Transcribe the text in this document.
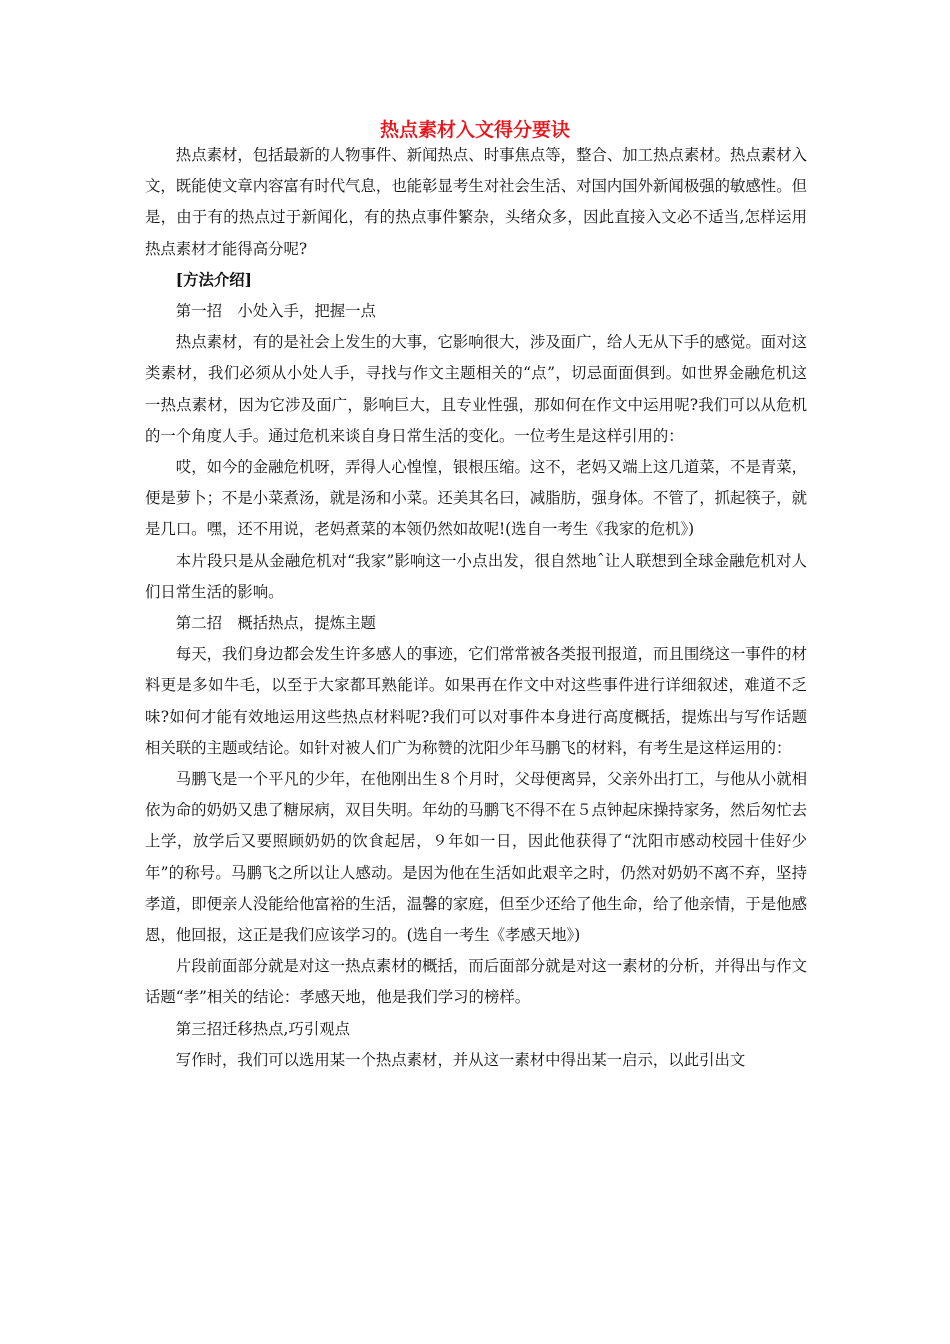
热点素材入文得分要诀

热点素材，包括最新的人物事件、新闻热点、时事焦点等，整合、加工热点素材。热点素材入文，既能使文章内容富有时代气息，也能彰显考生对社会生活、对国内国外新闻极强的敏感性。但是，由于有的热点过于新闻化，有的热点事件繁杂，头绪众多，因此直接入文必不适当,怎样运用热点素材才能得高分呢?

[方法介绍]

第一招　小处入手，把握一点

热点素材，有的是社会上发生的大事，它影响很大，涉及面广，给人无从下手的感觉。面对这类素材，我们必须从小处人手，寻找与作文主题相关的“点”，切忌面面俱到。如世界金融危机这一热点素材，因为它涉及面广，影响巨大，且专业性强，那如何在作文中运用呢?我们可以从危机的一个角度人手。通过危机来谈自身日常生活的变化。一位考生是这样引用的：

哎，如今的金融危机呀，弄得人心惶惶，银根压缩。这不，老妈又端上这几道菜，不是青菜，便是萝卜；不是小菜煮汤，就是汤和小菜。还美其名曰，减脂肪，强身体。不管了，抓起筷子，就是几口。嘿，还不用说，老妈煮菜的本领仍然如故呢!(选自一考生《我家的危机》)

本片段只是从金融危机对“我家”影响这一小点出发，很自然地ˆ让人联想到全球金融危机对人们日常生活的影响。

第二招　概括热点，提炼主题

每天，我们身边都会发生许多感人的事迹，它们常常被各类报刊报道，而且围绕这一事件的材料更是多如牛毛，以至于大家都耳熟能详。如果再在作文中对这些事件进行详细叙述，难道不乏味?如何才能有效地运用这些热点材料呢?我们可以对事件本身进行高度概括，提炼出与写作话题相关联的主题或结论。如针对被人们广为称赞的沈阳少年马鹏飞的材料，有考生是这样运用的：

马鹏飞是一个平凡的少年，在他刚出生８个月时，父母便离异，父亲外出打工，与他从小就相依为命的奶奶又患了糖尿病，双目失明。年幼的马鹏飞不得不在５点钟起床操持家务，然后匆忙去上学，放学后又要照顾奶奶的饮食起居，９年如一日，因此他获得了“沈阳市感动校园十佳好少年”的称号。马鹏飞之所以让人感动。是因为他在生活如此艰辛之时，仍然对奶奶不离不弃，坚持孝道，即便亲人没能给他富裕的生活，温馨的家庭，但至少还给了他生命，给了他亲情，于是他感恩，他回报，这正是我们应该学习的。(选自一考生《孝感天地》)

片段前面部分就是对这一热点素材的概括，而后面部分就是对这一素材的分析，并得出与作文话题“孝”相关的结论：孝感天地，他是我们学习的榜样。

第三招迁移热点,巧引观点

写作时，我们可以选用某一个热点素材，并从这一素材中得出某一启示，以此引出文
